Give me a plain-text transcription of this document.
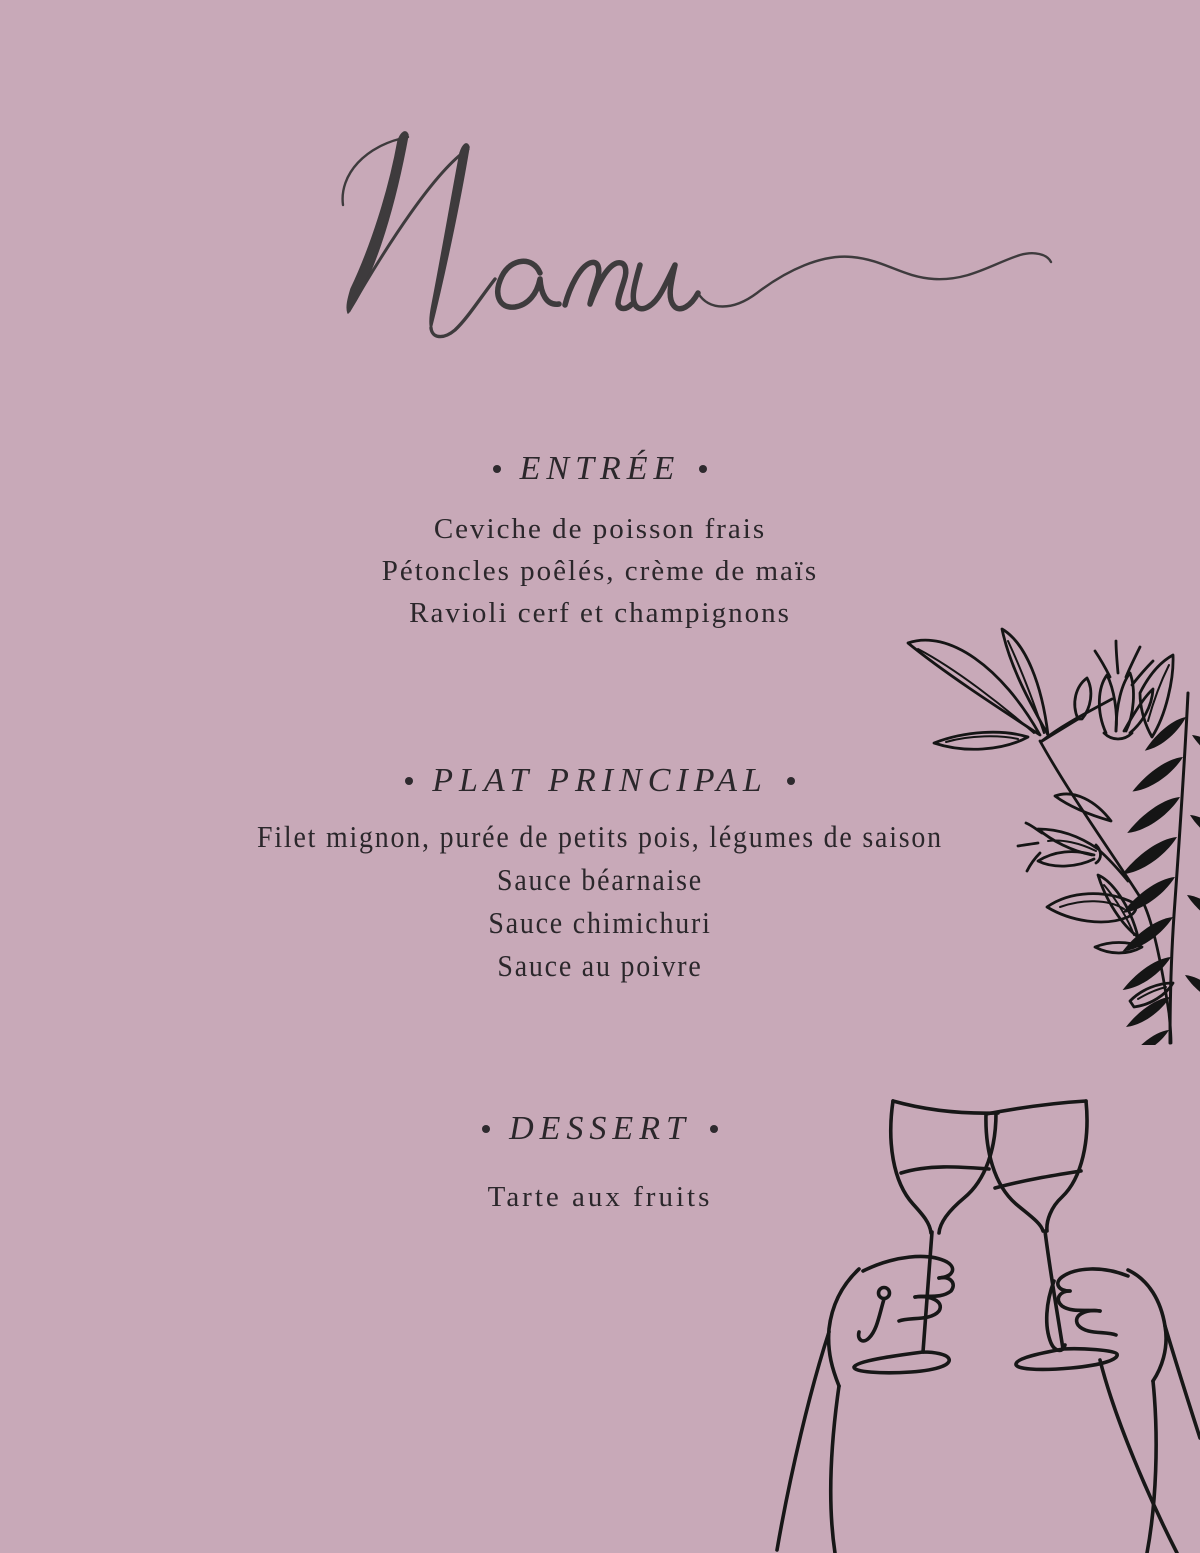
ENTRÉE
Ceviche de poisson frais
Pétoncles poêlés, crème de maïs
Ravioli cerf et champignons
PLAT PRINCIPAL
Filet mignon, purée de petits pois, légumes de saison
Sauce béarnaise
Sauce chimichuri
Sauce au poivre
DESSERT
Tarte aux fruits
